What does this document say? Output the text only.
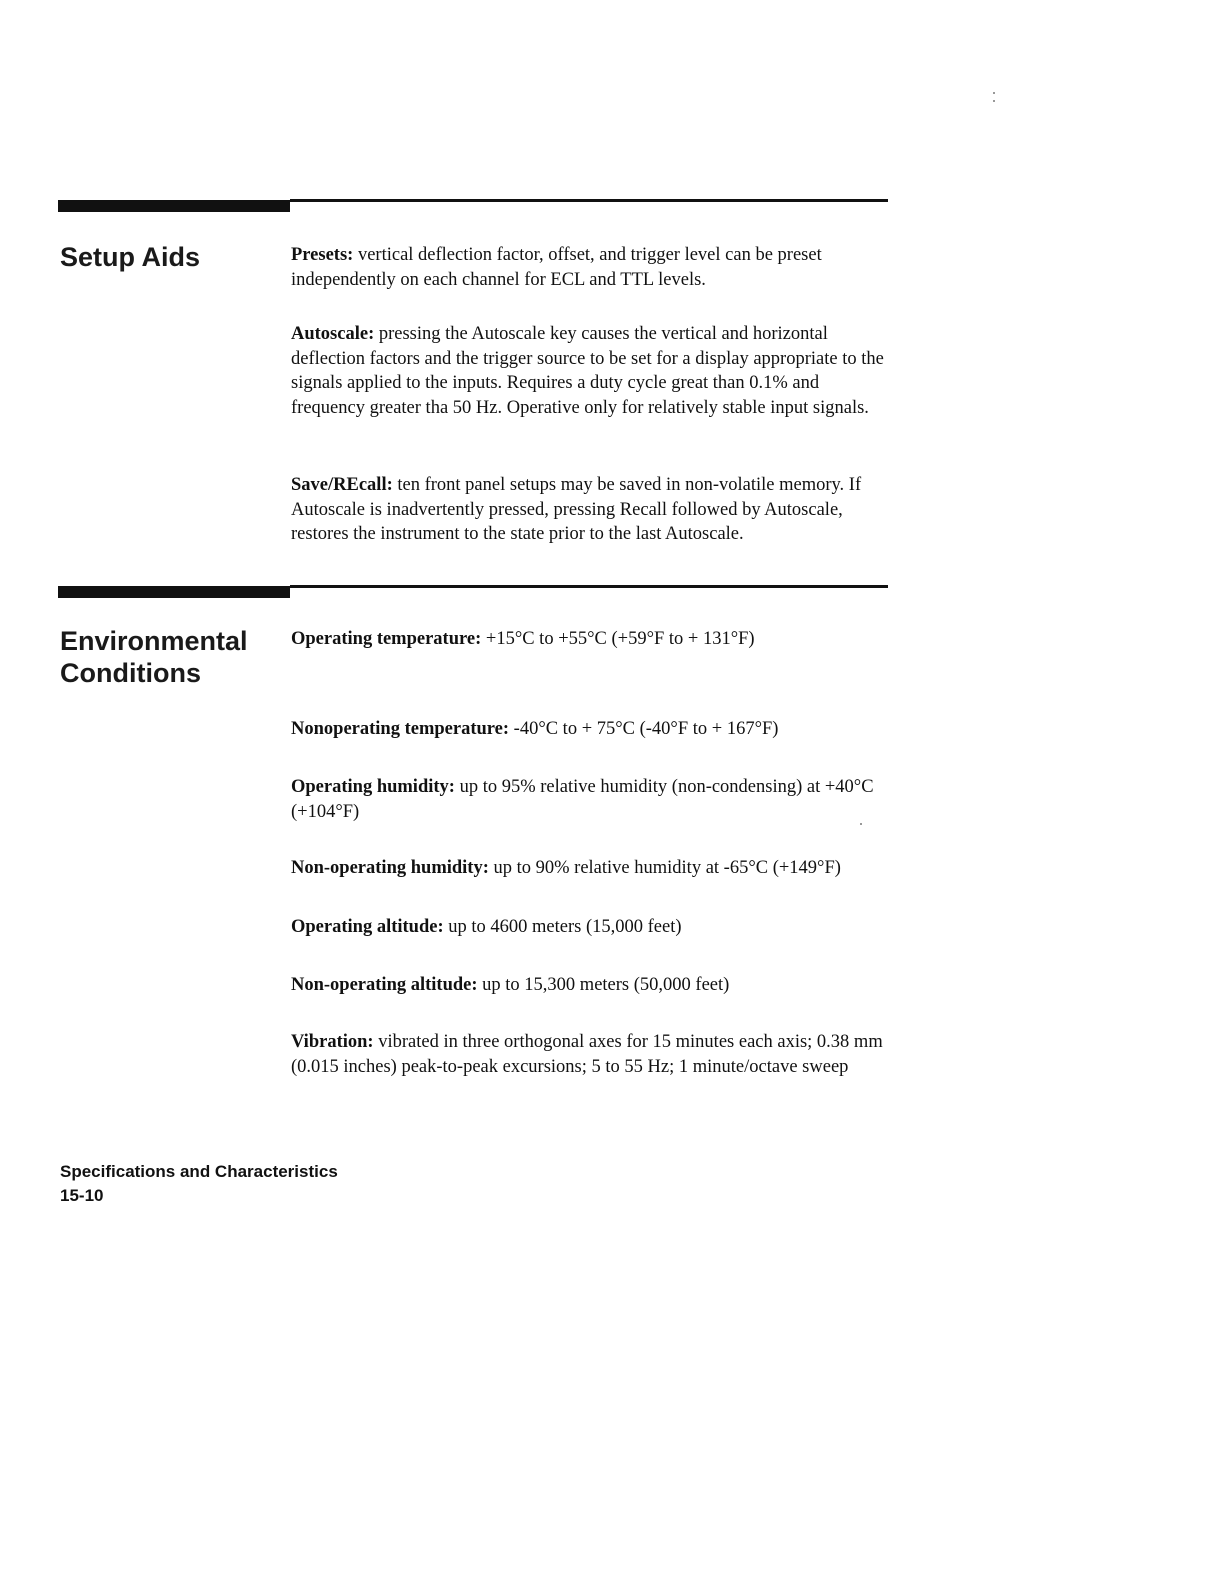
Setup Aids	Presets: vertical deflection factor, offset, and trigger level can be preset independently on each channel for ECL and TTL levels.

Autoscale: pressing the Autoscale key causes the vertical and horizontal deflection factors and the trigger source to be set for a display appropriate to the signals applied to the inputs. Requires a duty cycle great than 0.1% and frequency greater tha 50 Hz. Operative only for relatively stable input signals.

Save/REcall: ten front panel setups may be saved in non-volatile memory. If Autoscale is inadvertently pressed, pressing Recall followed by Autoscale, restores the instrument to the state prior to the last Autoscale.

Environmental
Conditions

Operating temperature: +15°C to +55°C (+59°F to + 131°F)

Nonoperating temperature: -40°C to + 75°C (-40°F to + 167°F)

Operating humidity: up to 95% relative humidity (non-condensing) at +40°C (+104°F)

Non-operating humidity: up to 90% relative humidity at -65°C (+149°F)

Operating altitude: up to 4600 meters (15,000 feet)

Non-operating altitude: up to 15,300 meters (50,000 feet)

Vibration: vibrated in three orthogonal axes for 15 minutes each axis; 0.38 mm (0.015 inches) peak-to-peak excursions; 5 to 55 Hz; 1 minute/octave sweep

Specifications and Characteristics
15-10
